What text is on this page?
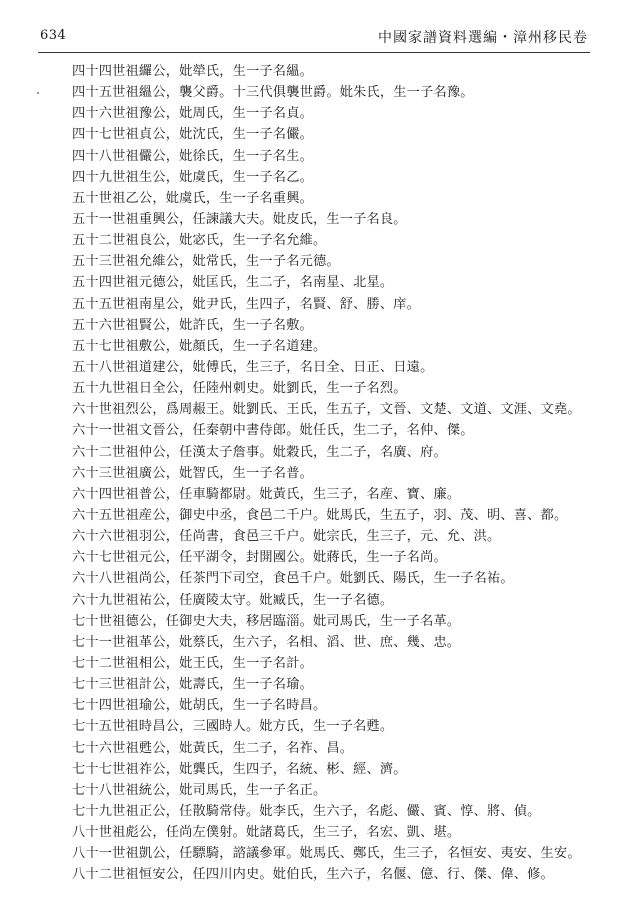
634	中國家譜資料選編・漳州移民卷
四十四世祖纙公，妣犖氏，生一子名縕。
四十五世祖縕公，襲父爵。十三代俱襲世爵。妣朱氏，生一子名豫。
四十六世祖豫公，妣周氏，生一子名貞。
四十七世祖貞公，妣沈氏，生一子名儼。
四十八世祖儼公，妣徐氏，生一子名生。
四十九世祖生公，妣虞氏，生一子名乙。
五十世祖乙公，妣虞氏，生一子名重興。
五十一世祖重興公，任諫議大夫。妣皮氏，生一子名良。
五十二世祖良公，妣宓氏，生一子名允維。
五十三世祖允維公，妣常氏，生一子名元德。
五十四世祖元德公，妣匡氏，生二子，名南星、北星。
五十五世祖南星公，妣尹氏，生四子，名賢、舒、勝、庠。
五十六世祖賢公，妣許氏，生一子名敷。
五十七世祖敷公，妣顏氏，生一子名道建。
五十八世祖道建公，妣傅氏，生三子，名日全、日正、日遠。
五十九世祖日全公，任陸州刺史。妣劉氏，生一子名烈。
六十世祖烈公，爲周赧王。妣劉氏、王氏，生五子，文晉、文楚、文道、文涯、文堯。
六十一世祖文晉公，任秦朝中書侍郎。妣任氏，生二子，名仲、傑。
六十二世祖仲公，任漢太子詹事。妣穀氏，生二子，名廣、府。
六十三世祖廣公，妣智氏，生一子名普。
六十四世祖普公，任車騎都尉。妣黃氏，生三子，名産、寶、廉。
六十五世祖産公，御史中丞，食邑二千户。妣馬氏，生五子，羽、茂、明、喜、都。
六十六世祖羽公，任尚書，食邑三千户。妣宗氏，生三子，元、允、洪。
六十七世祖元公，任平湖令，封開國公。妣蔣氏，生一子名尚。
六十八世祖尚公，任茶門下司空，食邑千户。妣劉氏、陽氏，生一子名祐。
六十九世祖祐公，任廣陵太守。妣臧氏，生一子名德。
七十世祖德公，任御史大夫，移居臨淄。妣司馬氏，生一子名革。
七十一世祖革公，妣蔡氏，生六子，名相、滔、世、庶、幾、忠。
七十二世祖相公，妣王氏，生一子名計。
七十三世祖計公，妣壽氏，生一子名瑜。
七十四世祖瑜公，妣胡氏，生一子名時昌。
七十五世祖時昌公，三國時人。妣方氏，生一子名甦。
七十六世祖甦公，妣黃氏，生二子，名祚、昌。
七十七世祖祚公，妣龔氏，生四子，名統、彬、經、濟。
七十八世祖統公，妣司馬氏，生一子名正。
七十九世祖正公，任散騎常侍。妣李氏，生六子，名彪、儼、賓、惇、將、偵。
八十世祖彪公，任尚左僕射。妣諸葛氏，生三子，名宏、凱、堪。
八十一世祖凱公，任驃騎，諮議參軍。妣馬氏、鄭氏，生三子，名恒安、夷安、生安。
八十二世祖恒安公，任四川内史。妣伯氏，生六子，名偃、億、行、傑、偉、修。
